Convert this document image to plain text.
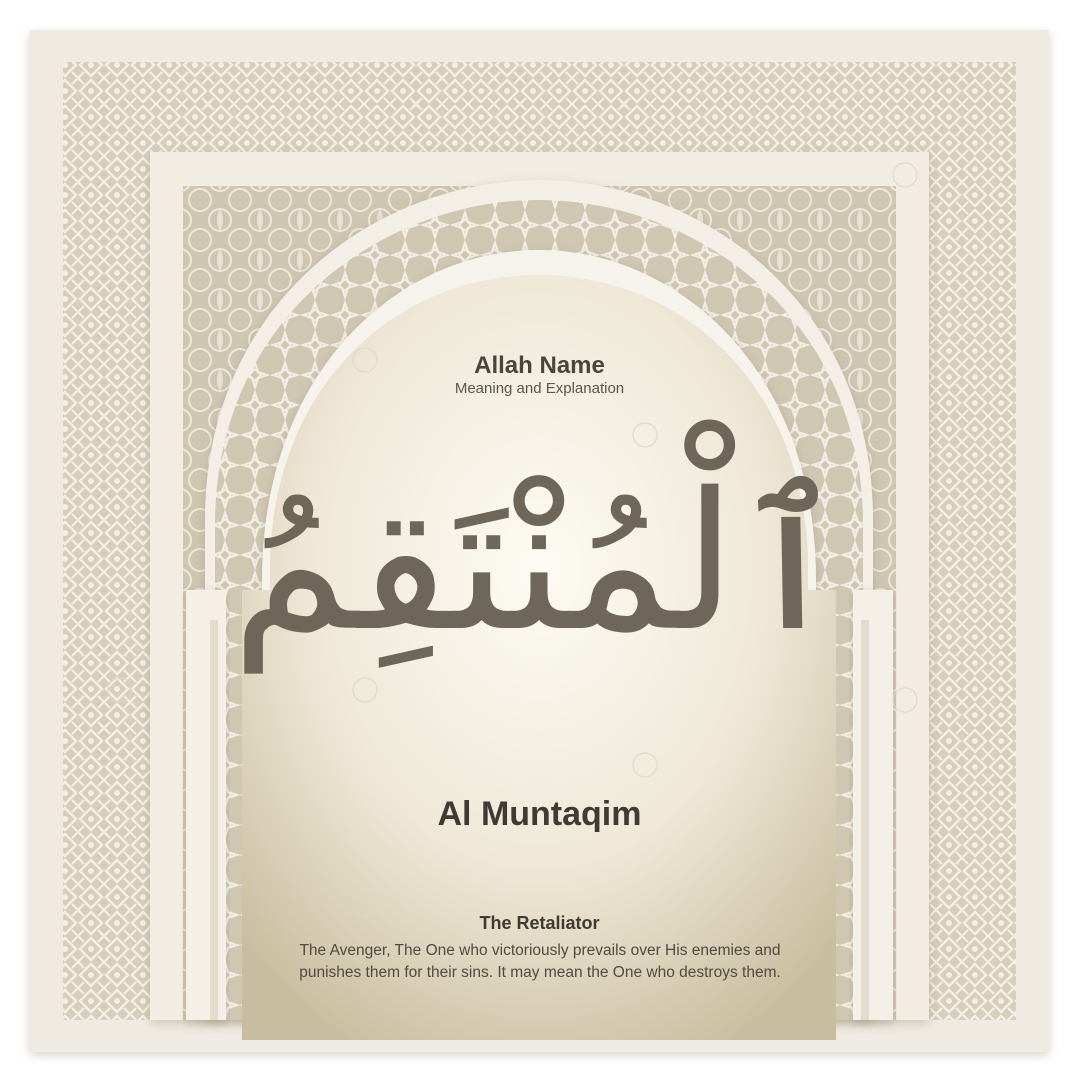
Allah Name
Meaning and Explanation
ٱلْمُنْتَقِمُ
Al Muntaqim
The Retaliator
The Avenger, The One who victoriously prevails over His enemies and punishes them for their sins. It may mean the One who destroys them.
